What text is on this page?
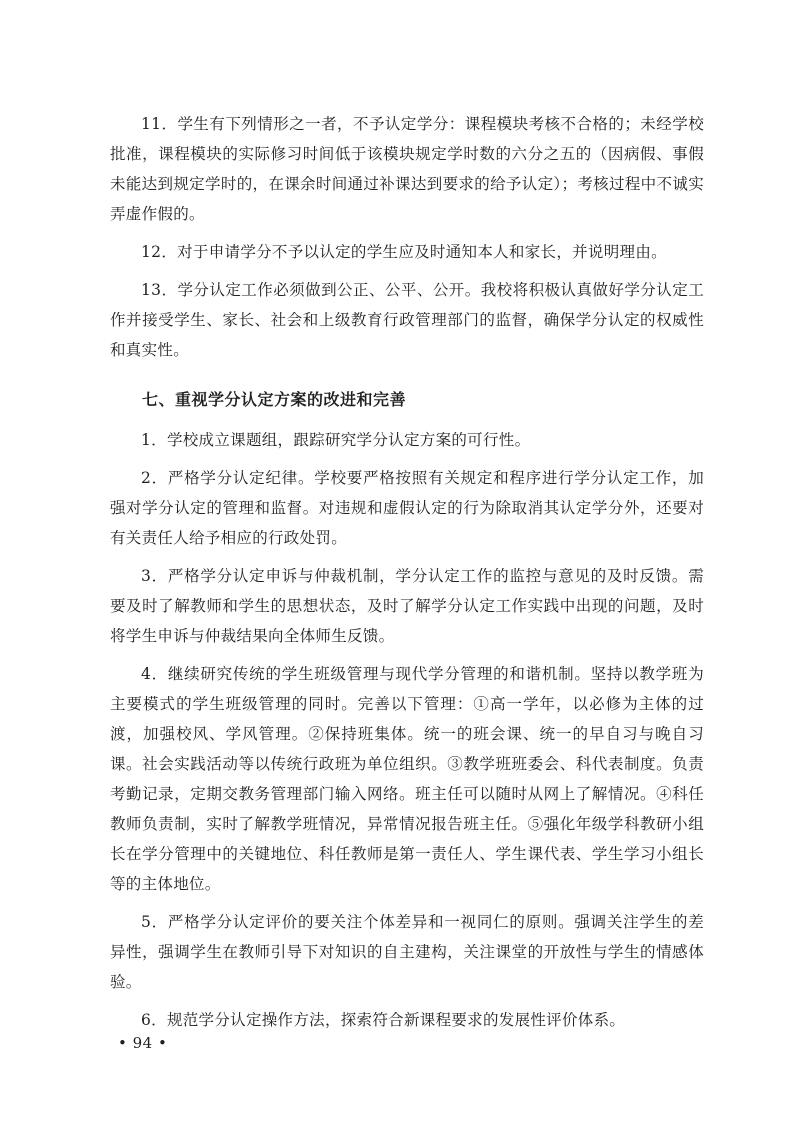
11．学生有下列情形之一者，不予认定学分：课程模块考核不合格的；未经学校批准，课程模块的实际修习时间低于该模块规定学时数的六分之五的（因病假、事假未能达到规定学时的，在课余时间通过补课达到要求的给予认定）；考核过程中不诚实弄虚作假的。

12．对于申请学分不予以认定的学生应及时通知本人和家长，并说明理由。

13．学分认定工作必须做到公正、公平、公开。我校将积极认真做好学分认定工作并接受学生、家长、社会和上级教育行政管理部门的监督，确保学分认定的权威性和真实性。

七、重视学分认定方案的改进和完善

1．学校成立课题组，跟踪研究学分认定方案的可行性。

2．严格学分认定纪律。学校要严格按照有关规定和程序进行学分认定工作，加强对学分认定的管理和监督。对违规和虚假认定的行为除取消其认定学分外，还要对有关责任人给予相应的行政处罚。

3．严格学分认定申诉与仲裁机制，学分认定工作的监控与意见的及时反馈。需要及时了解教师和学生的思想状态，及时了解学分认定工作实践中出现的问题，及时将学生申诉与仲裁结果向全体师生反馈。

4．继续研究传统的学生班级管理与现代学分管理的和谐机制。坚持以教学班为主要模式的学生班级管理的同时。完善以下管理：①高一学年，以必修为主体的过渡，加强校风、学风管理。②保持班集体。统一的班会课、统一的早自习与晚自习课。社会实践活动等以传统行政班为单位组织。③教学班班委会、科代表制度。负责考勤记录，定期交教务管理部门输入网络。班主任可以随时从网上了解情况。④科任教师负责制，实时了解教学班情况，异常情况报告班主任。⑤强化年级学科教研小组长在学分管理中的关键地位、科任教师是第一责任人、学生课代表、学生学习小组长等的主体地位。

5．严格学分认定评价的要关注个体差异和一视同仁的原则。强调关注学生的差异性，强调学生在教师引导下对知识的自主建构，关注课堂的开放性与学生的情感体验。

6．规范学分认定操作方法，探索符合新课程要求的发展性评价体系。

• 94 •
